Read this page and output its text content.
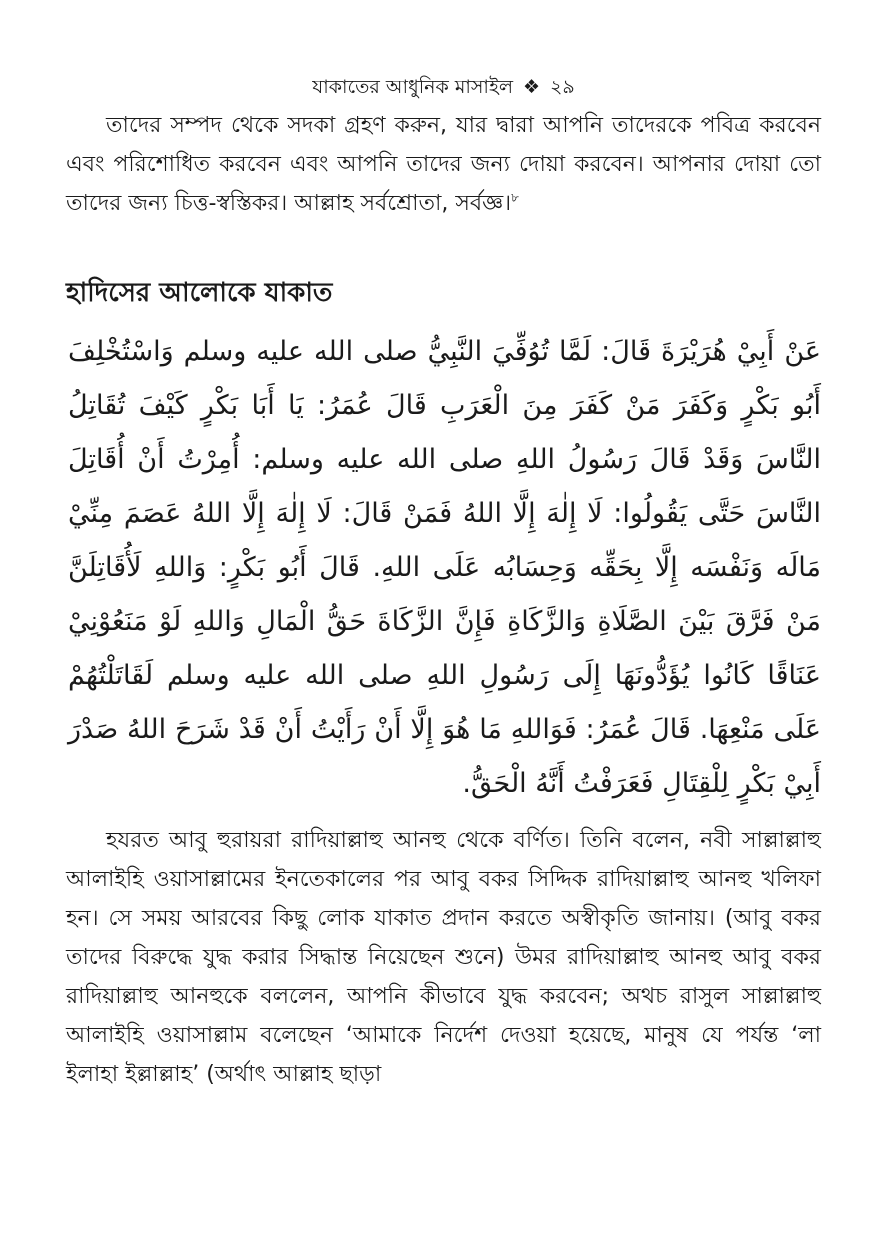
যাকাতের আধুনিক মাসাইল ❖ ২৯

তাদের সম্পদ থেকে সদকা গ্রহণ করুন, যার দ্বারা আপনি তাদেরকে পবিত্র করবেন এবং পরিশোধিত করবেন এবং আপনি তাদের জন্য দোয়া করবেন। আপনার দোয়া তো তাদের জন্য চিত্ত-স্বস্তিকর। আল্লাহ সর্বশ্রোতা, সর্বজ্ঞ।$^৮$

হাদিসের আলোকে যাকাত
عَنْ أَبِيْ هُرَيْرَةَ قَالَ: لَمَّا تُوُفِّيَ النَّبِيُّ صلى الله عليه وسلم وَاسْتُخْلِفَ أَبُو بَكْرٍ وَكَفَرَ مَنْ كَفَرَ مِنَ الْعَرَبِ قَالَ عُمَرُ: يَا أَبَا بَكْرٍ كَيْفَ تُقَاتِلُ النَّاسَ وَقَدْ قَالَ رَسُولُ اللهِ صلى الله عليه وسلم: أُمِرْتُ أَنْ أُقَاتِلَ النَّاسَ حَتَّى يَقُولُوا: لَا إِلٰهَ إِلَّا اللهُ فَمَنْ قَالَ: لَا إِلٰهَ إِلَّا اللهُ عَصَمَ مِنِّيْ مَالَه وَنَفْسَه إِلَّا بِحَقِّه وَحِسَابُه عَلَى اللهِ. قَالَ أَبُو بَكْرٍ: وَاللهِ لَأُقَاتِلَنَّ مَنْ فَرَّقَ بَيْنَ الصَّلَاةِ وَالزَّكَاةِ فَإِنَّ الزَّكَاةَ حَقُّ الْمَالِ وَاللهِ لَوْ مَنَعُوْنِيْ عَنَاقًا كَانُوا يُؤَدُّونَهَا إِلَى رَسُولِ اللهِ صلى الله عليه وسلم لَقَاتَلْتُهُمْ عَلَى مَنْعِهَا. قَالَ عُمَرُ: فَوَاللهِ مَا هُوَ إِلَّا أَنْ رَأَيْتُ أَنْ قَدْ شَرَحَ اللهُ صَدْرَ أَبِيْ بَكْرٍ لِلْقِتَالِ فَعَرَفْتُ أَنَّهُ الْحَقُّ.

হযরত আবু হুরায়রা রাদিয়াল্লাহু আনহু থেকে বর্ণিত। তিনি বলেন, নবী সাল্লাল্লাহু আলাইহি ওয়াসাল্লামের ইনতেকালের পর আবু বকর সিদ্দিক রাদিয়াল্লাহু আনহু খলিফা হন। সে সময় আরবের কিছু লোক যাকাত প্রদান করতে অস্বীকৃতি জানায়। (আবু বকর তাদের বিরুদ্ধে যুদ্ধ করার সিদ্ধান্ত নিয়েছেন শুনে) উমর রাদিয়াল্লাহু আনহু আবু বকর রাদিয়াল্লাহু আনহুকে বললেন, আপনি কীভাবে যুদ্ধ করবেন; অথচ রাসুল সাল্লাল্লাহু আলাইহি ওয়াসাল্লাম বলেছেন ‘আমাকে নির্দেশ দেওয়া হয়েছে, মানুষ যে পর্যন্ত ‘লা ইলাহা ইল্লাল্লাহ’ (অর্থাৎ আল্লাহ ছাড়া
